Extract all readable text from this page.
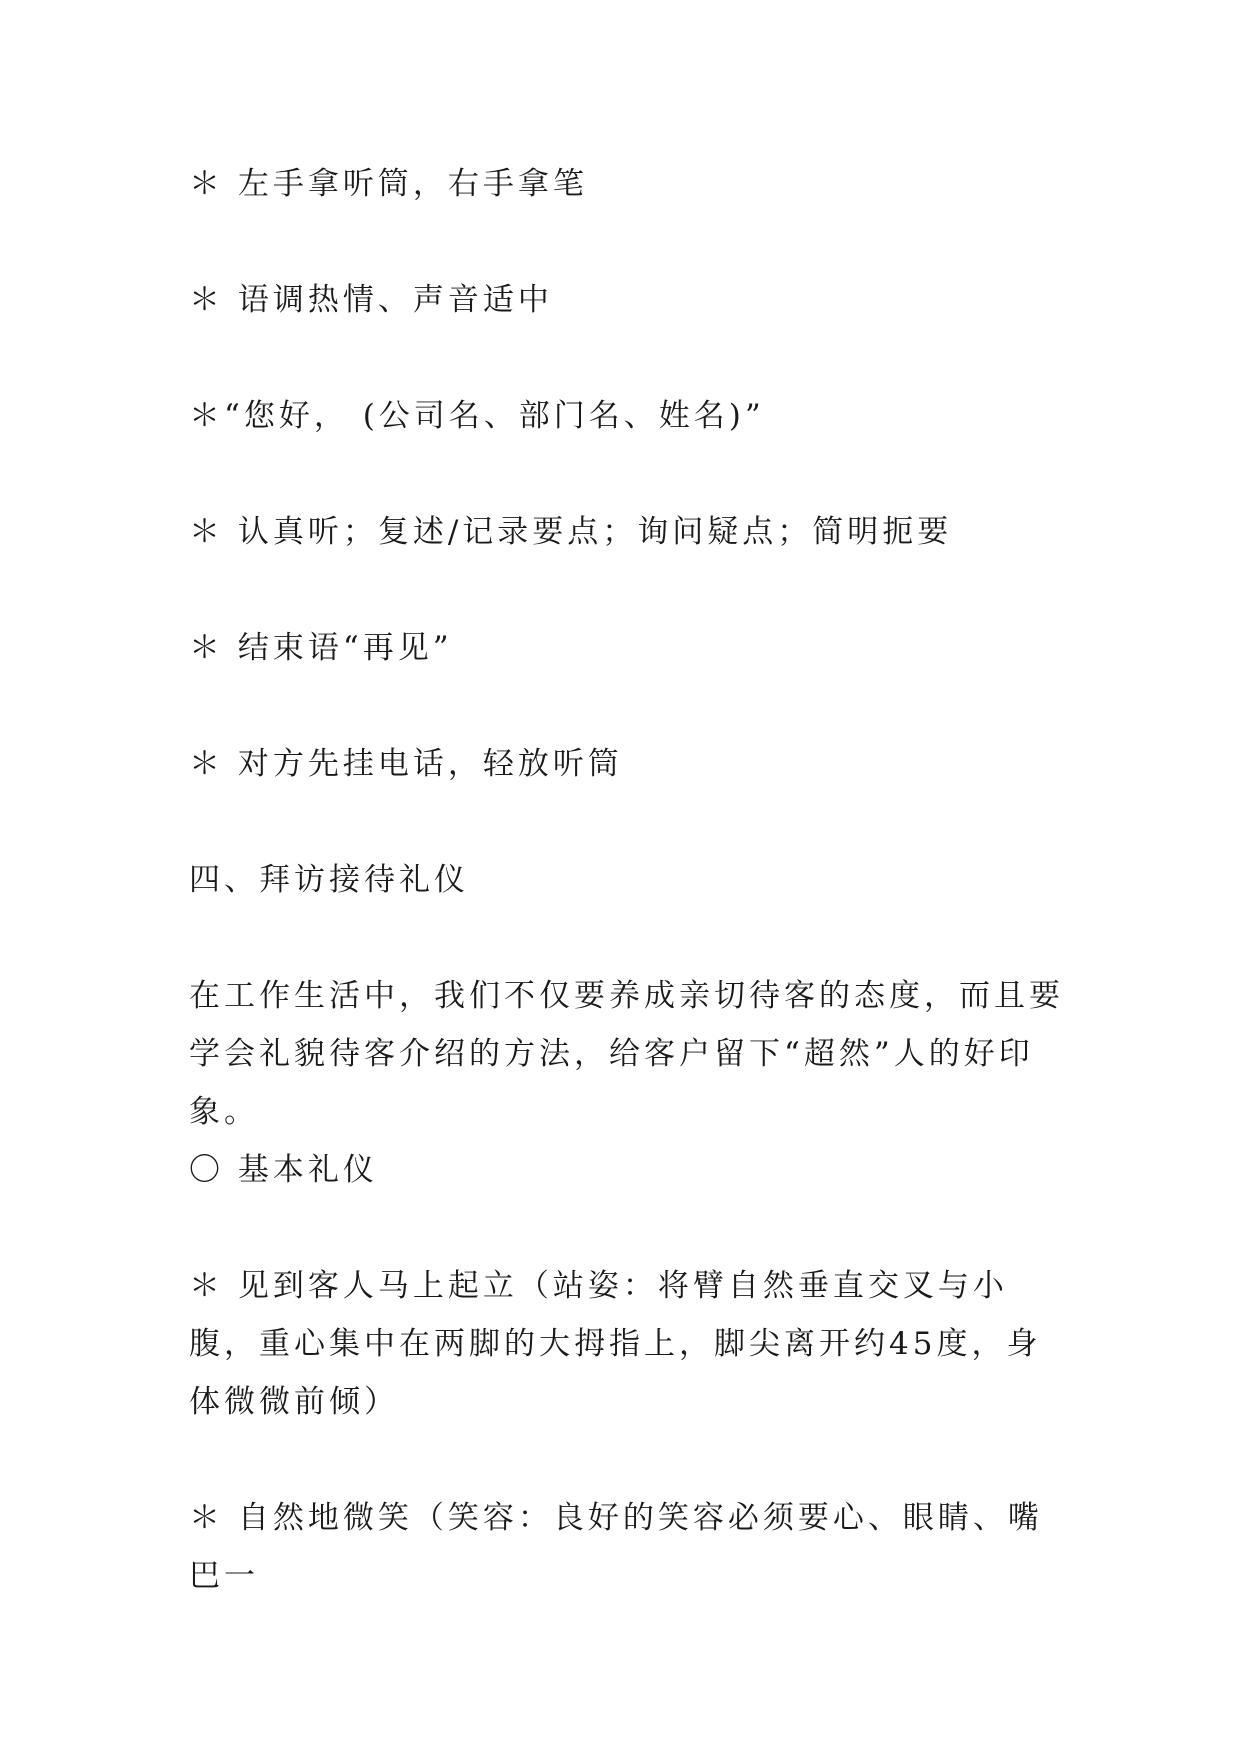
＊ 左手拿听筒，右手拿笔

＊ 语调热情、声音适中

＊“您好， (公司名、部门名、姓名)”

＊ 认真听；复述/记录要点；询问疑点；简明扼要

＊ 结束语“再见”

＊ 对方先挂电话，轻放听筒

四、拜访接待礼仪

在工作生活中，我们不仅要养成亲切待客的态度，而且要学会礼貌待客介绍的方法，给客户留下“超然”人的好印象。

〇 基本礼仪

＊ 见到客人马上起立（站姿：将臂自然垂直交叉与小腹，重心集中在两脚的大拇指上，脚尖离开约45度，身体微微前倾）

＊ 自然地微笑（笑容：良好的笑容必须要心、眼睛、嘴巴一
